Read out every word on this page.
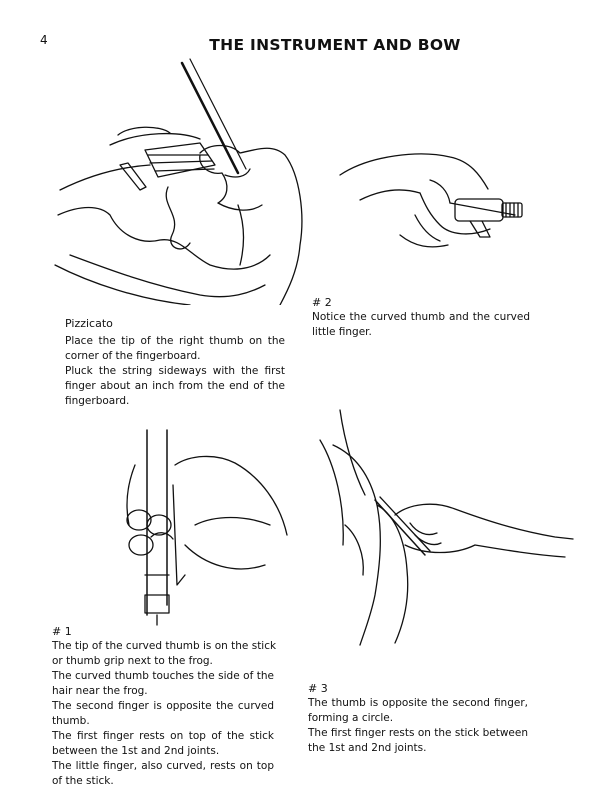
4	THE INSTRUMENT AND BOW
Pizzicato
Place the tip of the right thumb on the
corner of the fingerboard.
Pluck the string sideways with the first
finger about an inch from the end of the
fingerboard.
# 2
Notice the curved thumb and the curved
little finger.
# 1
The tip of the curved thumb is on the stick
or thumb grip next to the frog.
The curved thumb touches the side of the
hair near the frog.
The second finger is opposite the curved
thumb.
The first finger rests on top of the stick
between the 1st and 2nd joints.
The little finger, also curved, rests on top
of the stick.
# 3
The thumb is opposite the second finger,
forming a circle.
The first finger rests on the stick between
the 1st and 2nd joints.
